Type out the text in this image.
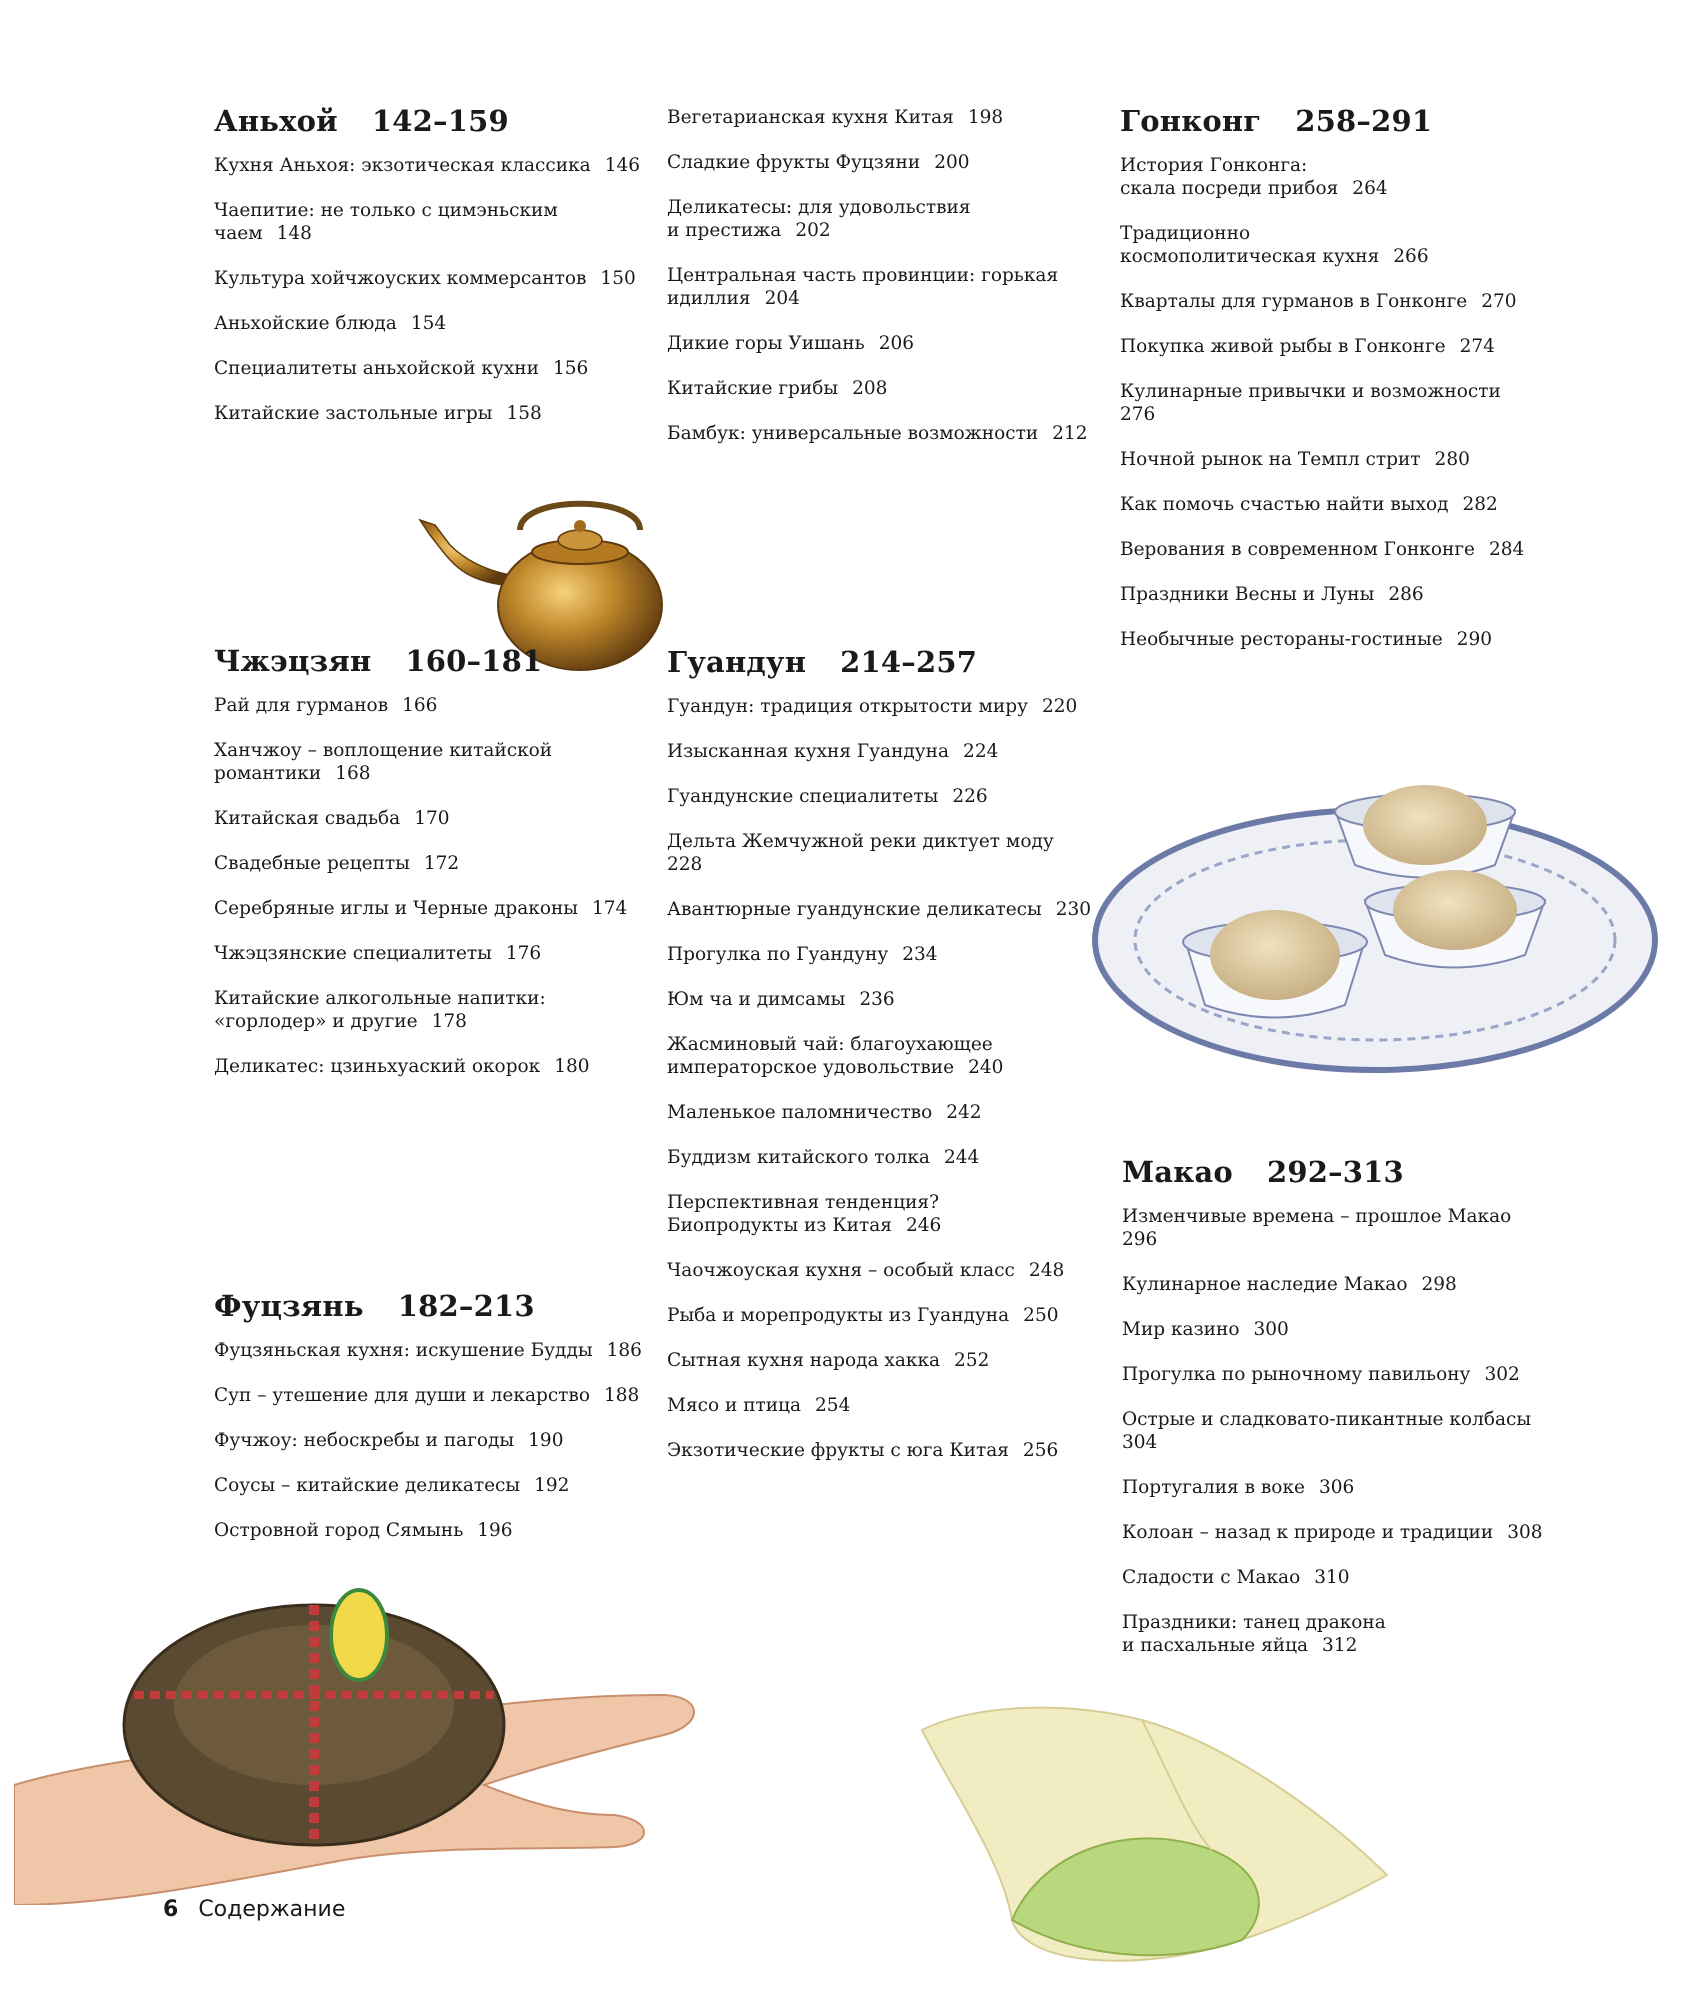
Аньхой 142–159
Кухня Аньхоя: экзотическая классика 146
Чаепитие: не только с цимэньским
чаем 148
Культура хойчжоуских коммерсантов 150
Аньхойские блюда 154
Специалитеты аньхойской кухни 156
Китайские застольные игры 158
Чжэцзян 160–181
Рай для гурманов 166
Ханчжоу – воплощение китайской
романтики 168
Китайская свадьба 170
Свадебные рецепты 172
Серебряные иглы и Черные драконы 174
Чжэцзянские специалитеты 176
Китайские алкогольные напитки:
«горлодер» и другие 178
Деликатес: цзиньхуаский окорок 180
Фуцзянь 182–213
Фуцзяньская кухня: искушение Будды 186
Суп – утешение для души и лекарство 188
Фучжоу: небоскребы и пагоды 190
Соусы – китайские деликатесы 192
Островной город Сямынь 196
Вегетарианская кухня Китая 198
Сладкие фрукты Фуцзяни 200
Деликатесы: для удовольствия
и престижа 202
Центральная часть провинции: горькая
идиллия 204
Дикие горы Уишань 206
Китайские грибы 208
Бамбук: универсальные возможности 212
Гуандун 214–257
Гуандун: традиция открытости миру 220
Изысканная кухня Гуандуна 224
Гуандунские специалитеты 226
Дельта Жемчужной реки диктует моду
228
Авантюрные гуандунские деликатесы 230
Прогулка по Гуандуну 234
Юм ча и димсамы 236
Жасминовый чай: благоухающее
императорское удовольствие 240
Маленькое паломничество 242
Буддизм китайского толка 244
Перспективная тенденция?
Биопродукты из Китая 246
Чаочжоуская кухня – особый класс 248
Рыба и морепродукты из Гуандуна 250
Сытная кухня народа хакка 252
Мясо и птица 254
Экзотические фрукты с юга Китая 256
Гонконг 258–291
История Гонконга:
скала посреди прибоя 264
Традиционно
космополитическая кухня 266
Кварталы для гурманов в Гонконге 270
Покупка живой рыбы в Гонконге 274
Кулинарные привычки и возможности
276
Ночной рынок на Темпл стрит 280
Как помочь счастью найти выход 282
Верования в современном Гонконге 284
Праздники Весны и Луны 286
Необычные рестораны-гостиные 290
Макао 292–313
Изменчивые времена – прошлое Макао
296
Кулинарное наследие Макао 298
Мир казино 300
Прогулка по рыночному павильону 302
Острые и сладковато-пикантные колбасы
304
Португалия в воке 306
Колоан – назад к природе и традиции 308
Сладости с Макао 310
Праздники: танец дракона
и пасхальные яйца 312
6 Содержание
